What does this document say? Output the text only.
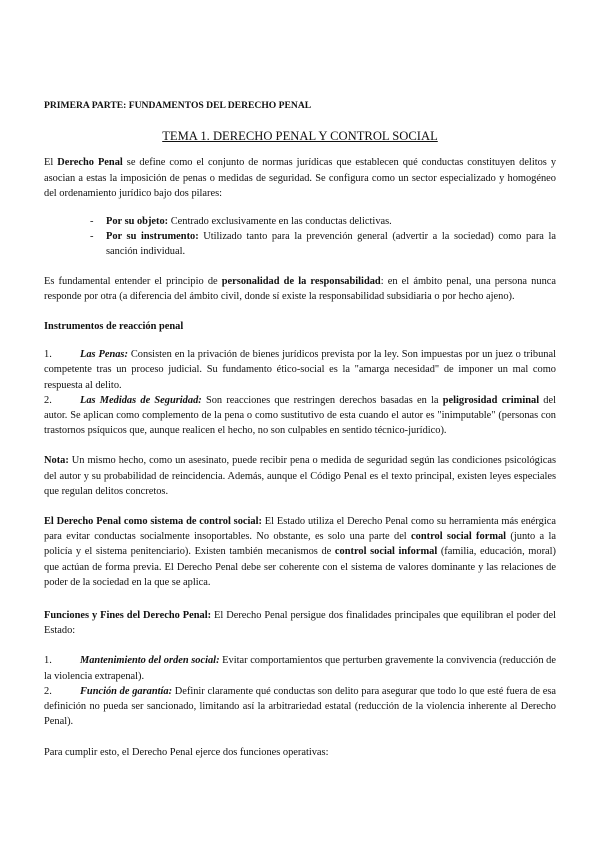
PRIMERA PARTE: FUNDAMENTOS DEL DERECHO PENAL

TEMA 1. DERECHO PENAL Y CONTROL SOCIAL

El Derecho Penal se define como el conjunto de normas jurídicas que establecen qué conductas constituyen delitos y asocian a estas la imposición de penas o medidas de seguridad. Se configura como un sector especializado y homogéneo del ordenamiento jurídico bajo dos pilares:

- Por su objeto: Centrado exclusivamente en las conductas delictivas.

- Por su instrumento: Utilizado tanto para la prevención general (advertir a la sociedad) como para la sanción individual.

Es fundamental entender el principio de personalidad de la responsabilidad: en el ámbito penal, una persona nunca responde por otra (a diferencia del ámbito civil, donde sí existe la responsabilidad subsidiaria o por hecho ajeno).

Instrumentos de reacción penal

1.	Las Penas: Consisten en la privación de bienes jurídicos prevista por la ley. Son impuestas por un juez o tribunal competente tras un proceso judicial. Su fundamento ético-social es la "amarga necesidad" de imponer un mal como respuesta al delito.

2.	Las Medidas de Seguridad: Son reacciones que restringen derechos basadas en la peligrosidad criminal del autor. Se aplican como complemento de la pena o como sustitutivo de esta cuando el autor es "inimputable" (personas con trastornos psíquicos que, aunque realicen el hecho, no son culpables en sentido técnico-jurídico).

Nota: Un mismo hecho, como un asesinato, puede recibir pena o medida de seguridad según las condiciones psicológicas del autor y su probabilidad de reincidencia. Además, aunque el Código Penal es el texto principal, existen leyes especiales que regulan delitos concretos.

El Derecho Penal como sistema de control social: El Estado utiliza el Derecho Penal como su herramienta más enérgica para evitar conductas socialmente insoportables. No obstante, es solo una parte del control social formal (junto a la policía y el sistema penitenciario). Existen también mecanismos de control social informal (familia, educación, moral) que actúan de forma previa. El Derecho Penal debe ser coherente con el sistema de valores dominante y las relaciones de poder de la sociedad en la que se aplica.

Funciones y Fines del Derecho Penal: El Derecho Penal persigue dos finalidades principales que equilibran el poder del Estado:

1.	Mantenimiento del orden social: Evitar comportamientos que perturben gravemente la convivencia (reducción de la violencia extrapenal).

2.	Función de garantía: Definir claramente qué conductas son delito para asegurar que todo lo que esté fuera de esa definición no pueda ser sancionado, limitando así la arbitrariedad estatal (reducción de la violencia inherente al Derecho Penal).

Para cumplir esto, el Derecho Penal ejerce dos funciones operativas:
